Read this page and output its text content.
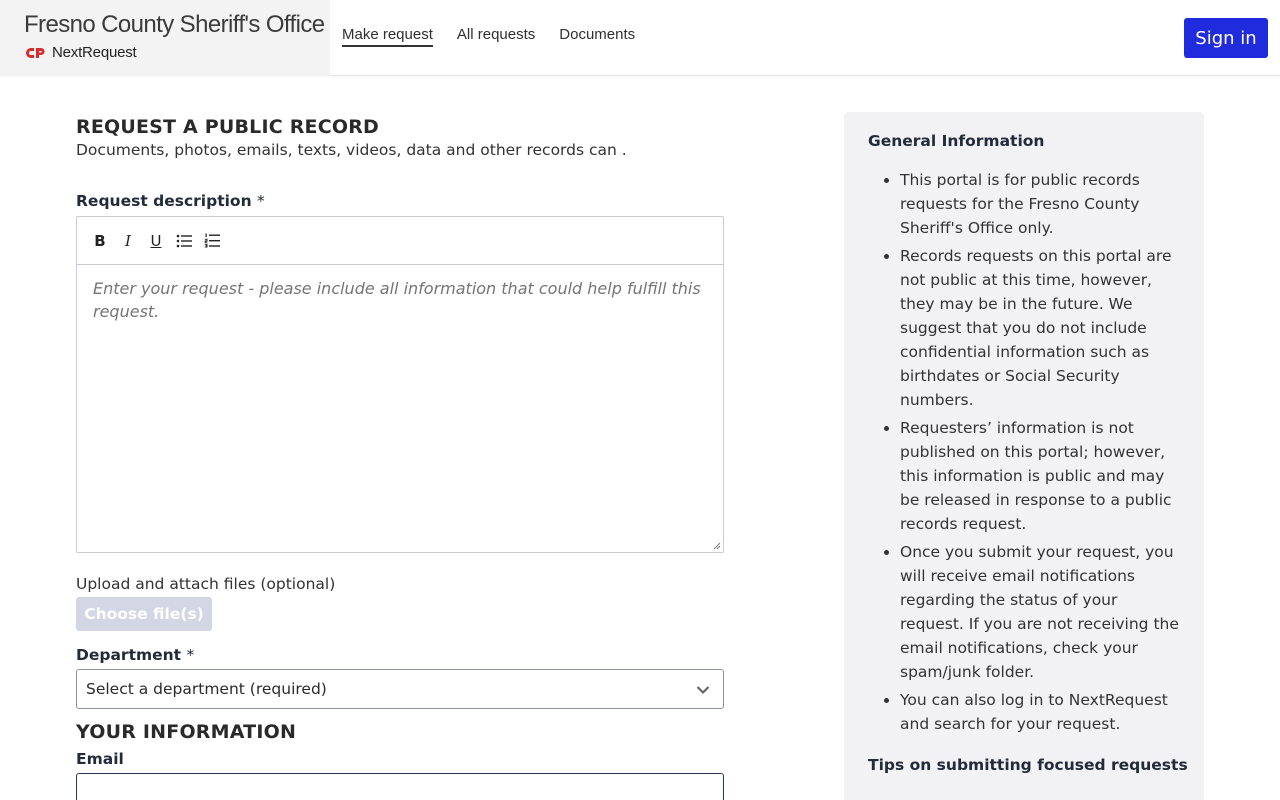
Fresno County Sheriff's Office
NextRequest
Make request All requests Documents	Sign in
REQUEST A PUBLIC RECORD

Documents, photos, emails, texts, videos, data and other records can .

Request description *
B	I	U
Enter your request - please include all information that could help fulfill this request.
Upload and attach files (optional)
Choose file(s)
Department *
Select a department (required)
YOUR INFORMATION
Email
General Information
• This portal is for public records requests for the Fresno County Sheriff's Office only.
• Records requests on this portal are not public at this time, however, they may be in the future. We suggest that you do not include confidential information such as birthdates or Social Security numbers.
• Requesters’ information is not published on this portal; however, this information is public and may be released in response to a public records request.
• Once you submit your request, you will receive email notifications regarding the status of your request. If you are not receiving the email notifications, check your spam/junk folder.
• You can also log in to NextRequest and search for your request.
Tips on submitting focused requests
